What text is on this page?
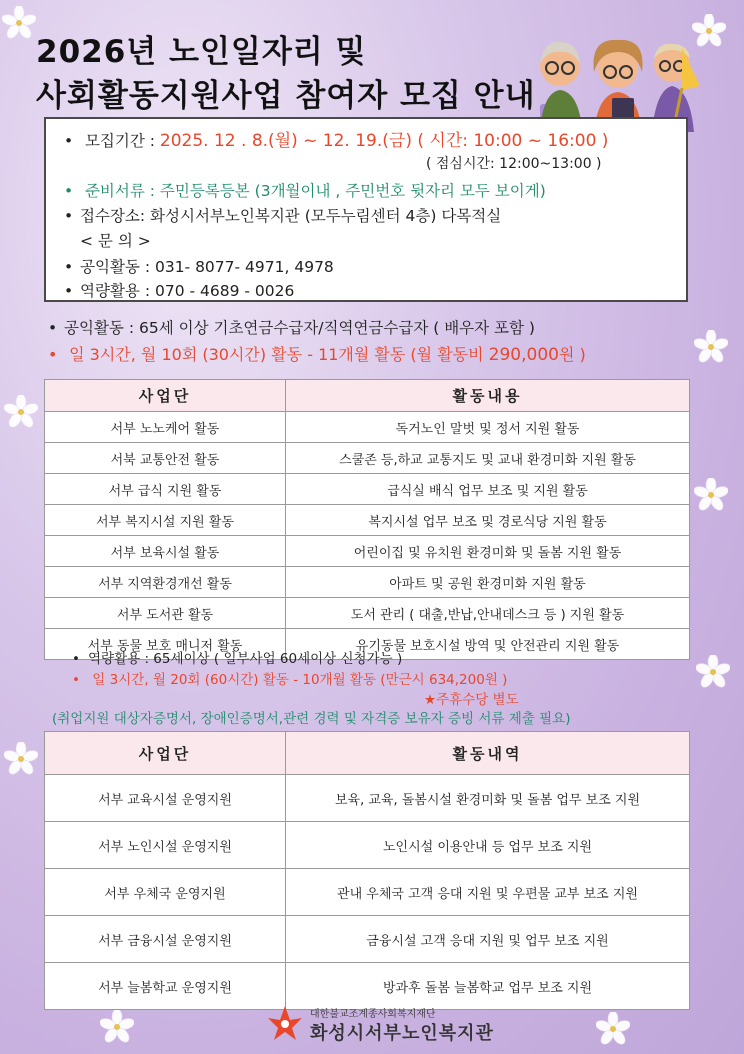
2026년 노인일자리 및
사회활동지원사업 참여자 모집 안내
• 모집기간 : 2025. 12 . 8.(월) ~ 12. 19.(금) ( 시간: 10:00 ~ 16:00 )
( 점심시간: 12:00~13:00 )
• 준비서류 : 주민등록등본 (3개월이내 , 주민번호 뒷자리 모두 보이게)
• 접수장소: 화성시서부노인복지관 (모두누림센터 4층) 다목적실
< 문 의 >
• 공익활동 : 031- 8077- 4971, 4978
• 역량활용 : 070 - 4689 - 0026
• 공익활동 : 65세 이상 기초연금수급자/직역연금수급자 ( 배우자 포함 )
• 일 3시간, 월 10회 (30시간) 활동 - 11개월 활동 (월 활동비 290,000원 )
사업단	활동내용
서부 노노케어 활동	독거노인 말벗 및 정서 지원 활동
서북 교통안전 활동	스쿨존 등,하교 교통지도 및 교내 환경미화 지원 활동
서부 급식 지원 활동	급식실 배식 업무 보조 및 지원 활동
서부 복지시설 지원 활동	복지시설 업무 보조 및 경로식당 지원 활동
서부 보육시설 활동	어린이집 및 유치원 환경미화 및 돌봄 지원 활동
서부 지역환경개선 활동	아파트 및 공원 환경미화 지원 활동
서부 도서관 활동	도서 관리 ( 대출,반납,안내데스크 등 ) 지원 활동
서부 동물 보호 매니저 활동	유기동물 보호시설 방역 및 안전관리 지원 활동
• 역량활용 : 65세이상 ( 일부사업 60세이상 신청가능 )
• 일 3시간, 월 20회 (60시간) 활동 - 10개월 활동 (만근시 634,200원 )
★주휴수당 별도
(취업지원 대상자증명서, 장애인증명서,관련 경력 및 자격증 보유자 증빙 서류 제출 필요)
사업단	활동내역
서부 교육시설 운영지원	보육, 교육, 돌봄시설 환경미화 및 돌봄 업무 보조 지원
서부 노인시설 운영지원	노인시설 이용안내 등 업무 보조 지원
서부 우체국 운영지원	관내 우체국 고객 응대 지원 및 우편물 교부 보조 지원
서부 금융시설 운영지원	금융시설 고객 응대 지원 및 업무 보조 지원
서부 늘봄학교 운영지원	방과후 돌봄 늘봄학교 업무 보조 지원
대한불교조계종사회복지재단
화성시서부노인복지관
